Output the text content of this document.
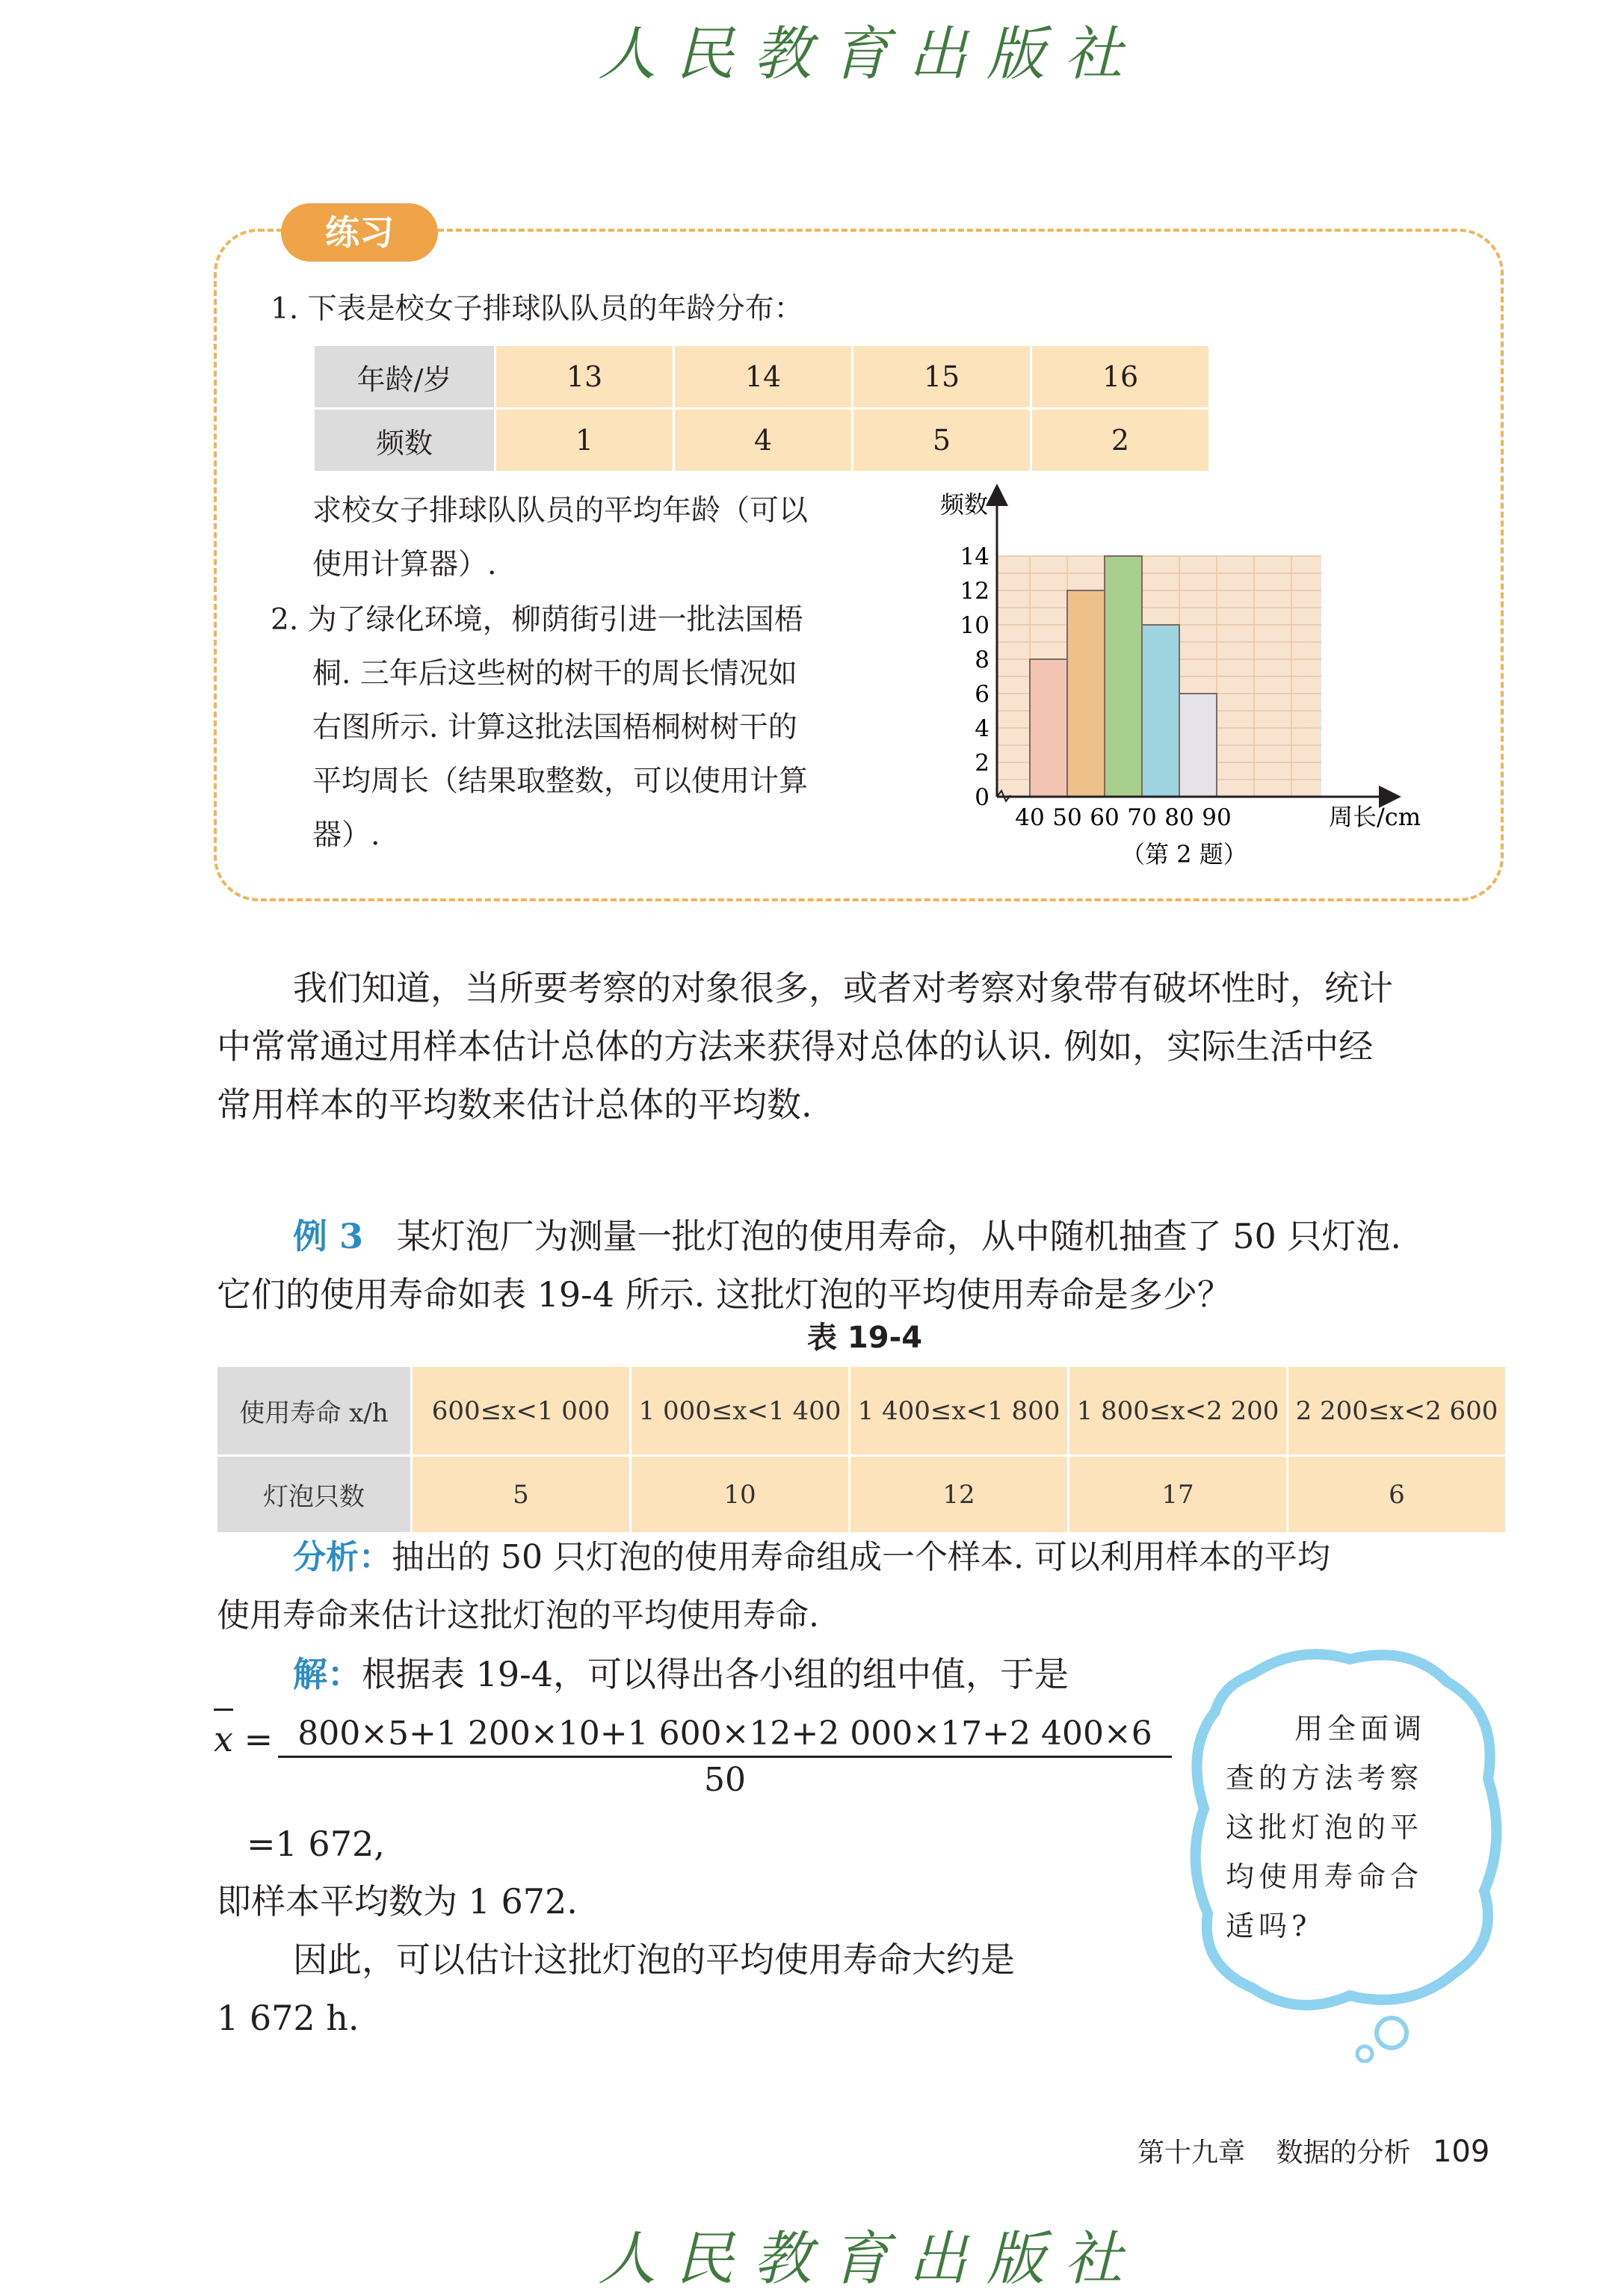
人民教育出版社
练习
1. 下表是校女子排球队队员的年龄分布：
年龄/岁	13	14	15	16
频数	1	4	5	2
求校女子排球队队员的平均年龄（可以
使用计算器）.
2. 为了绿化环境，柳荫街引进一批法国梧
桐. 三年后这些树的树干的周长情况如
右图所示. 计算这批法国梧桐树树干的
平均周长（结果取整数，可以使用计算
器）.
0
2
4
6
8
10
12
14
40 50 60 70 80 90
频数
周长/cm
（第 2 题）
我们知道，当所要考察的对象很多，或者对考察对象带有破坏性时，统计
中常常通过用样本估计总体的方法来获得对总体的认识. 例如，实际生活中经
常用样本的平均数来估计总体的平均数.
例 3 某灯泡厂为测量一批灯泡的使用寿命，从中随机抽查了 50 只灯泡.
它们的使用寿命如表 19-4 所示. 这批灯泡的平均使用寿命是多少？
表 19-4
使用寿命 x/h	600≤x<1 000	1 000≤x<1 400	1 400≤x<1 800	1 800≤x<2 200	2 200≤x<2 600
灯泡只数	5	10	12	17	6
分析：抽出的 50 只灯泡的使用寿命组成一个样本. 可以利用样本的平均
使用寿命来估计这批灯泡的平均使用寿命.
解：根据表 19-4，可以得出各小组的组中值，于是
$x = \frac{800\times 5+1 200\times 10+1 600\times 12+2 000\times 17+2 400\times 6}{50}$
=1 672,
即样本平均数为 1 672.
因此，可以估计这批灯泡的平均使用寿命大约是
1 672 h.
用全面调
查的方法考察
这批灯泡的平
均使用寿命合
适吗?
第十九章 数据的分析 109
人民教育出版社
